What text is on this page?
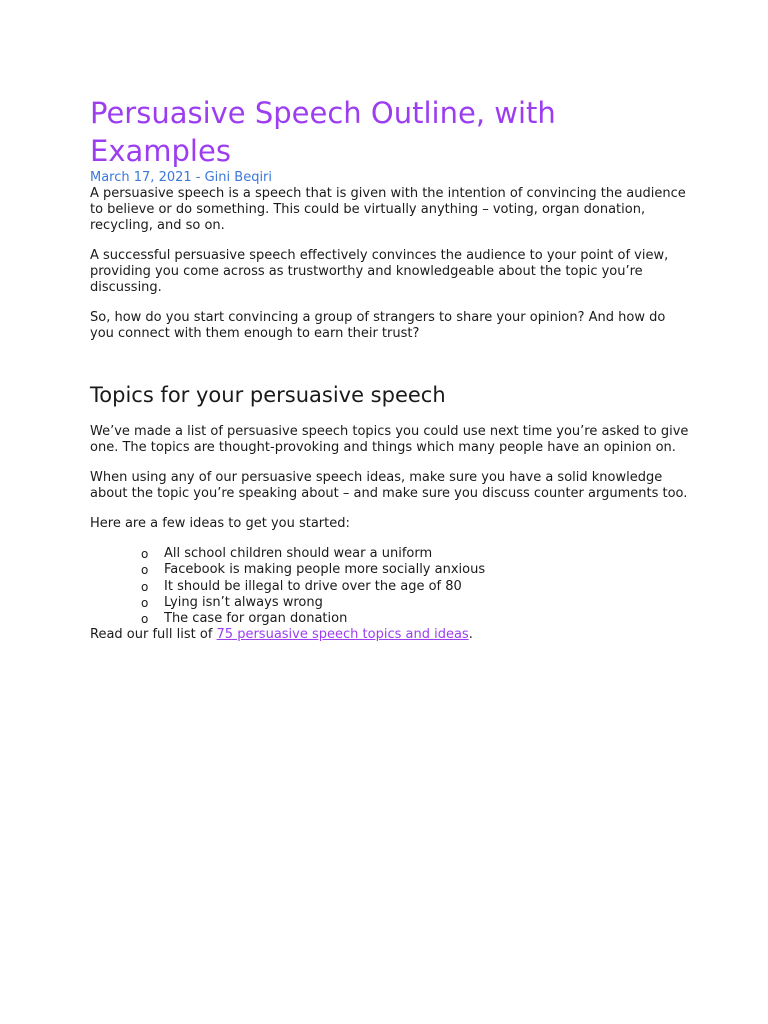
Persuasive Speech Outline, with Examples
March 17, 2021 - Gini Beqiri

A persuasive speech is a speech that is given with the intention of convincing the audience to believe or do something. This could be virtually anything – voting, organ donation, recycling, and so on.

A successful persuasive speech effectively convinces the audience to your point of view, providing you come across as trustworthy and knowledgeable about the topic you’re discussing.

So, how do you start convincing a group of strangers to share your opinion? And how do you connect with them enough to earn their trust?

Topics for your persuasive speech

We’ve made a list of persuasive speech topics you could use next time you’re asked to give one. The topics are thought-provoking and things which many people have an opinion on.

When using any of our persuasive speech ideas, make sure you have a solid knowledge about the topic you’re speaking about – and make sure you discuss counter arguments too.

Here are a few ideas to get you started:

o All school children should wear a uniform
o Facebook is making people more socially anxious
o It should be illegal to drive over the age of 80
o Lying isn’t always wrong
o The case for organ donation

Read our full list of 75 persuasive speech topics and ideas.
